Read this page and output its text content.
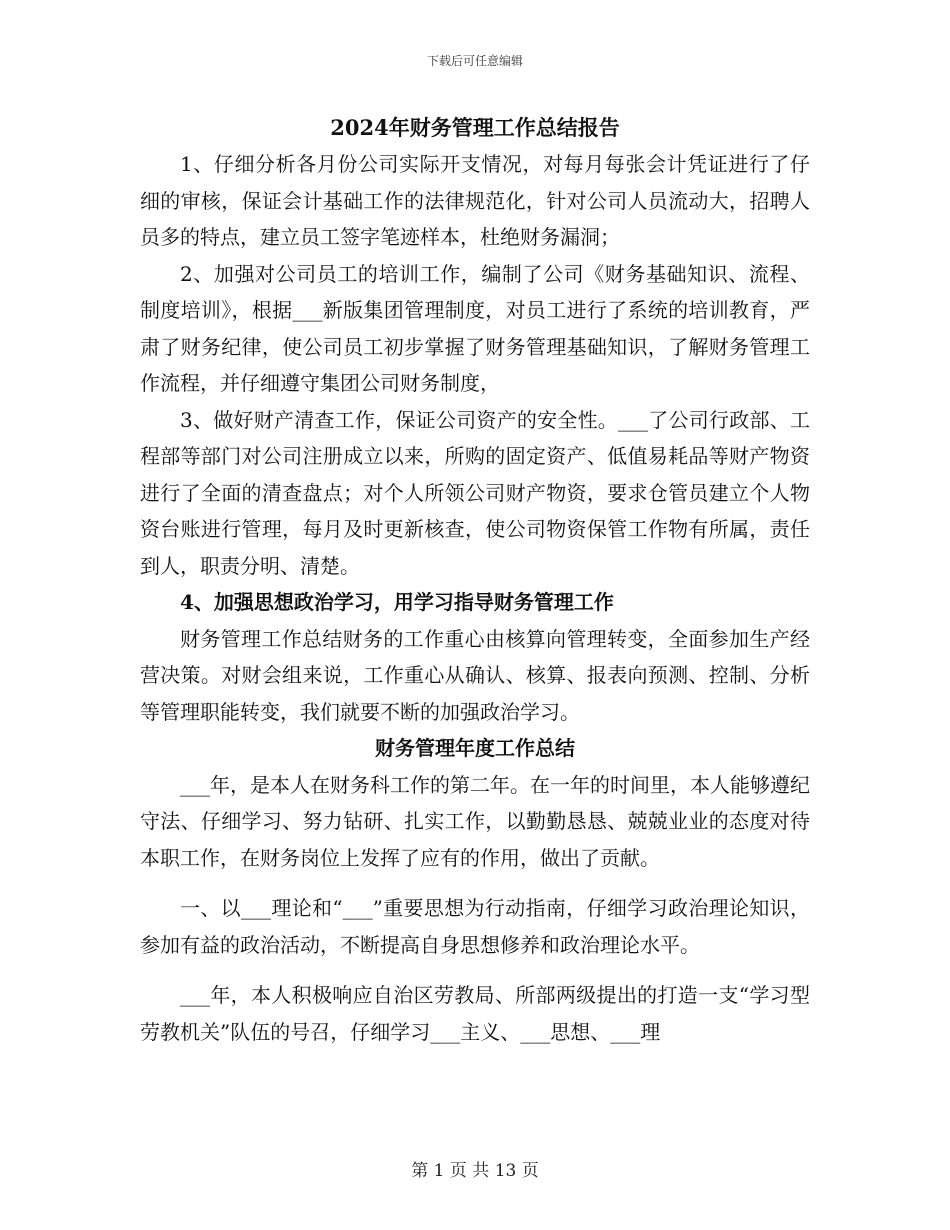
下载后可任意编辑

2024年财务管理工作总结报告

1、仔细分析各月份公司实际开支情况，对每月每张会计凭证进行了仔细的审核，保证会计基础工作的法律规范化，针对公司人员流动大，招聘人员多的特点，建立员工签字笔迹样本，杜绝财务漏洞；

2、加强对公司员工的培训工作，编制了公司《财务基础知识、流程、制度培训》，根据___新版集团管理制度，对员工进行了系统的培训教育，严肃了财务纪律，使公司员工初步掌握了财务管理基础知识，了解财务管理工作流程，并仔细遵守集团公司财务制度，

3、做好财产清查工作，保证公司资产的安全性。___了公司行政部、工程部等部门对公司注册成立以来，所购的固定资产、低值易耗品等财产物资进行了全面的清查盘点；对个人所领公司财产物资，要求仓管员建立个人物资台账进行管理，每月及时更新核查，使公司物资保管工作物有所属，责任到人，职责分明、清楚。

4、加强思想政治学习，用学习指导财务管理工作

财务管理工作总结财务的工作重心由核算向管理转变，全面参加生产经营决策。对财会组来说，工作重心从确认、核算、报表向预测、控制、分析等管理职能转变，我们就要不断的加强政治学习。

财务管理年度工作总结

___年，是本人在财务科工作的第二年。在一年的时间里，本人能够遵纪守法、仔细学习、努力钻研、扎实工作，以勤勤恳恳、兢兢业业的态度对待本职工作，在财务岗位上发挥了应有的作用，做出了贡献。

一、以___理论和“___”重要思想为行动指南，仔细学习政治理论知识，参加有益的政治活动，不断提高自身思想修养和政治理论水平。

___年，本人积极响应自治区劳教局、所部两级提出的打造一支“学习型劳教机关”队伍的号召，仔细学习___主义、___思想、___理

第 1 页 共 13 页
